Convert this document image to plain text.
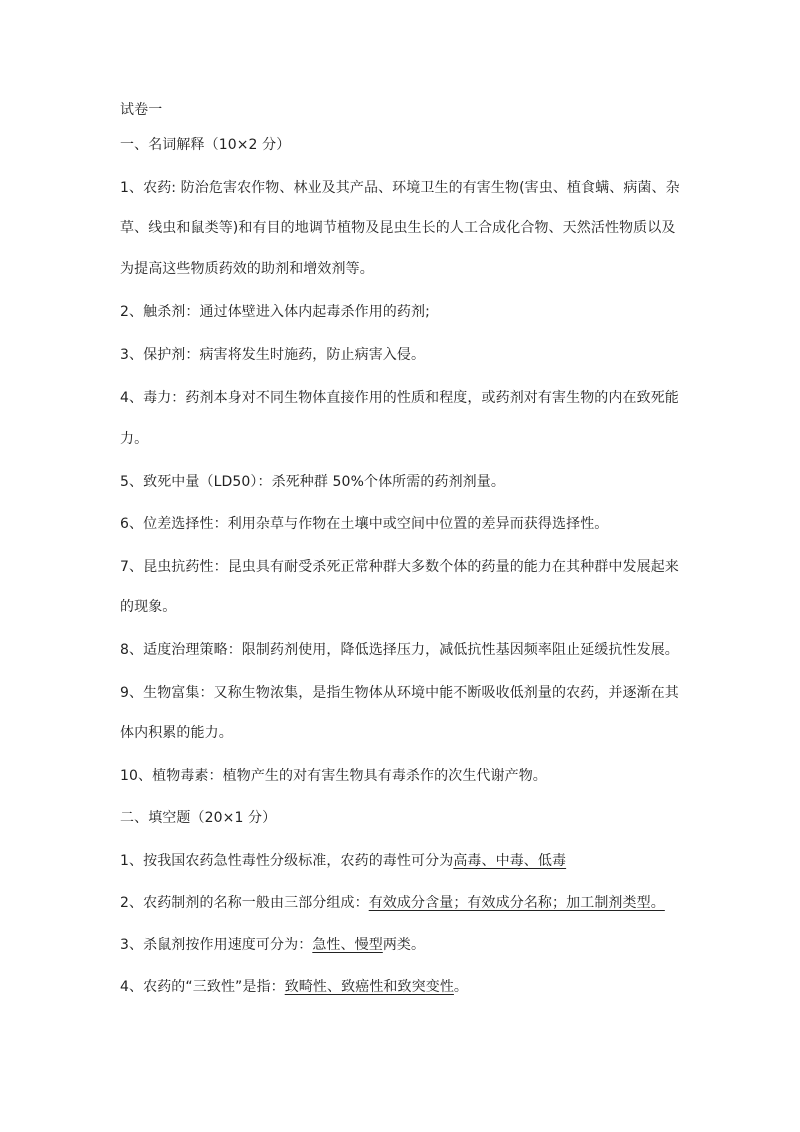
试卷一
一、名词解释（10×2 分）
1、农药: 防治危害农作物、林业及其产品、环境卫生的有害生物(害虫、植食螨、病菌、杂
草、线虫和鼠类等)和有目的地调节植物及昆虫生长的人工合成化合物、天然活性物质以及
为提高这些物质药效的助剂和增效剂等。
2、触杀剂：通过体壁进入体内起毒杀作用的药剂;
3、保护剂：病害将发生时施药，防止病害入侵。
4、毒力：药剂本身对不同生物体直接作用的性质和程度，或药剂对有害生物的内在致死能
力。
5、致死中量（LD50）：杀死种群 50%个体所需的药剂剂量。
6、位差选择性：利用杂草与作物在土壤中或空间中位置的差异而获得选择性。
7、昆虫抗药性：昆虫具有耐受杀死正常种群大多数个体的药量的能力在其种群中发展起来
的现象。
8、适度治理策略：限制药剂使用，降低选择压力，减低抗性基因频率阻止延缓抗性发展。
9、生物富集：又称生物浓集，是指生物体从环境中能不断吸收低剂量的农药，并逐渐在其
体内积累的能力。
10、植物毒素：植物产生的对有害生物具有毒杀作的次生代谢产物。
二、填空题（20×1 分）
1、按我国农药急性毒性分级标准，农药的毒性可分为高毒、中毒、低毒
2、农药制剂的名称一般由三部分组成：有效成分含量；有效成分名称；加工制剂类型。
3、杀鼠剂按作用速度可分为：急性、慢型两类。
4、农药的“三致性”是指：致畸性、致癌性和致突变性。
